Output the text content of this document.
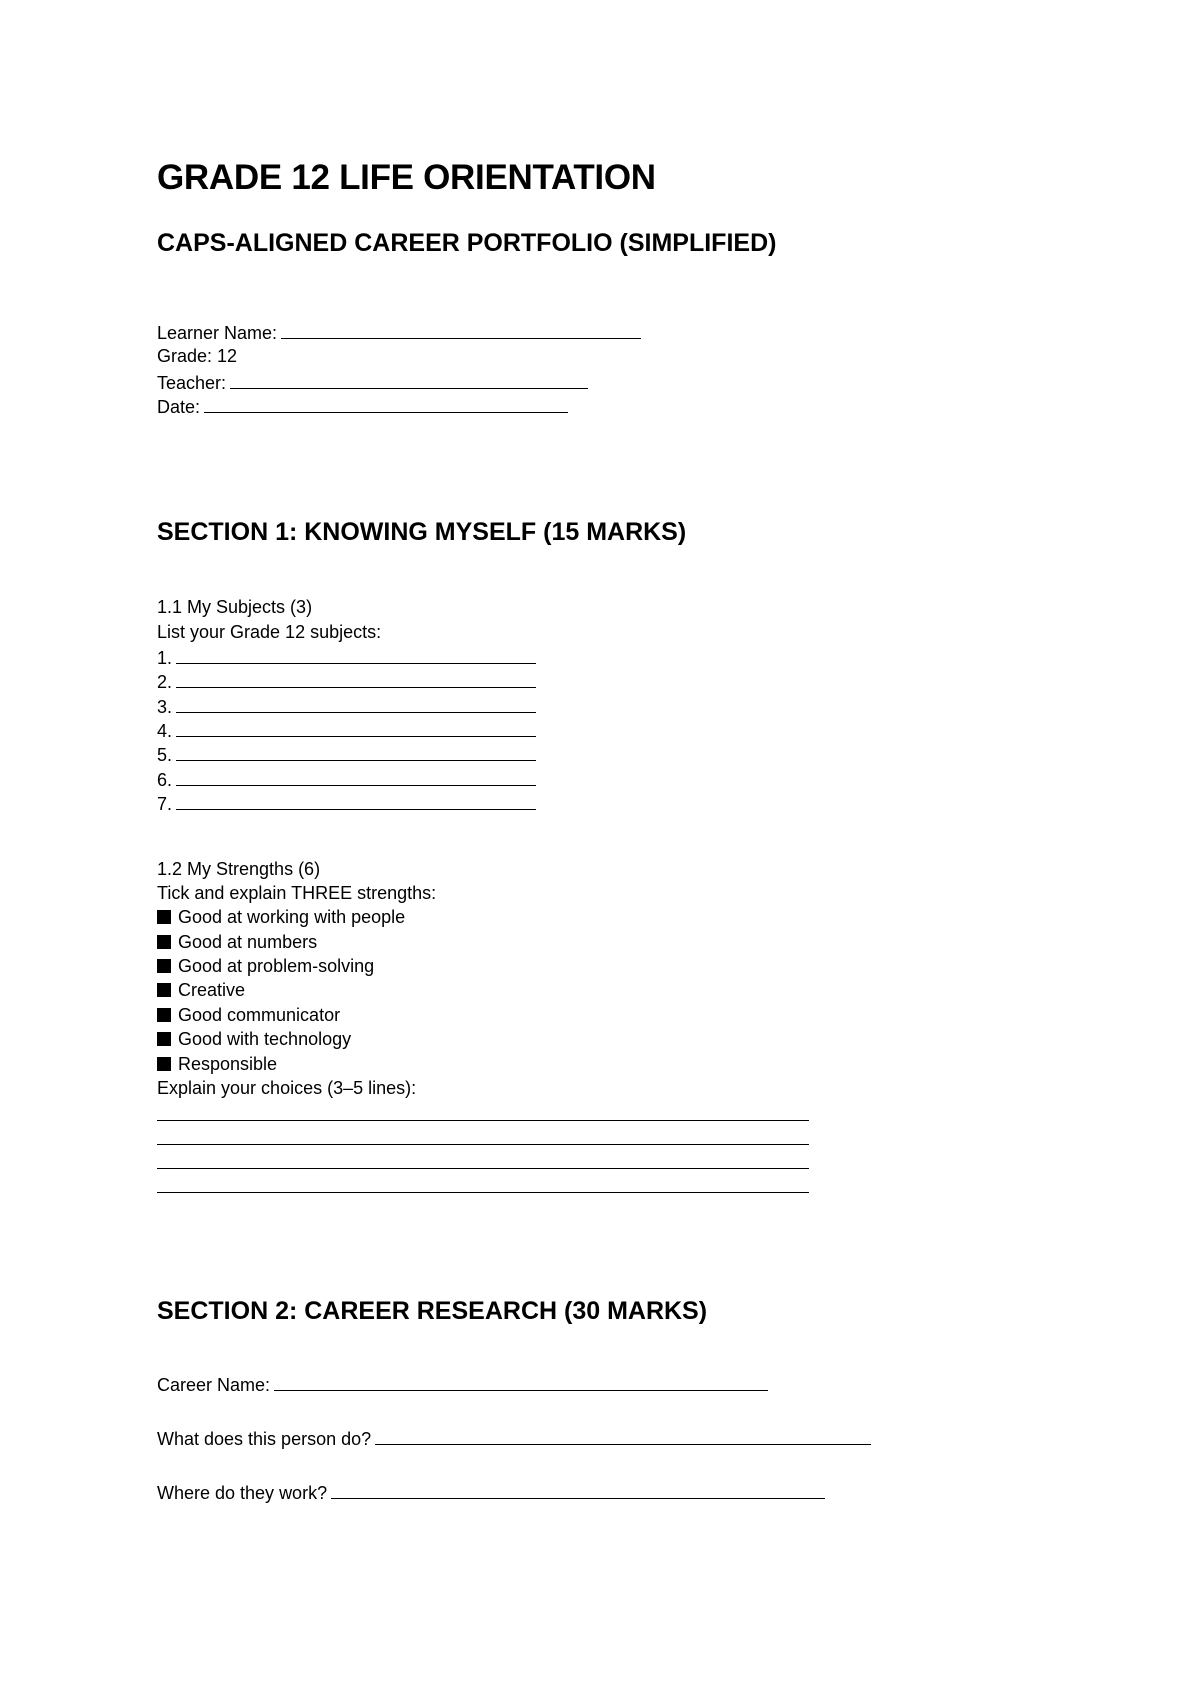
GRADE 12 LIFE ORIENTATION
CAPS-ALIGNED CAREER PORTFOLIO (SIMPLIFIED)
Learner Name:
Grade: 12
Teacher:
Date:
SECTION 1: KNOWING MYSELF (15 MARKS)
1.1 My Subjects (3)
List your Grade 12 subjects:
1.
2.
3.
4.
5.
6.
7.
1.2 My Strengths (6)
Tick and explain THREE strengths:
Good at working with people
Good at numbers
Good at problem-solving
Creative
Good communicator
Good with technology
Responsible
Explain your choices (3–5 lines):
SECTION 2: CAREER RESEARCH (30 MARKS)
Career Name:
What does this person do?
Where do they work?
